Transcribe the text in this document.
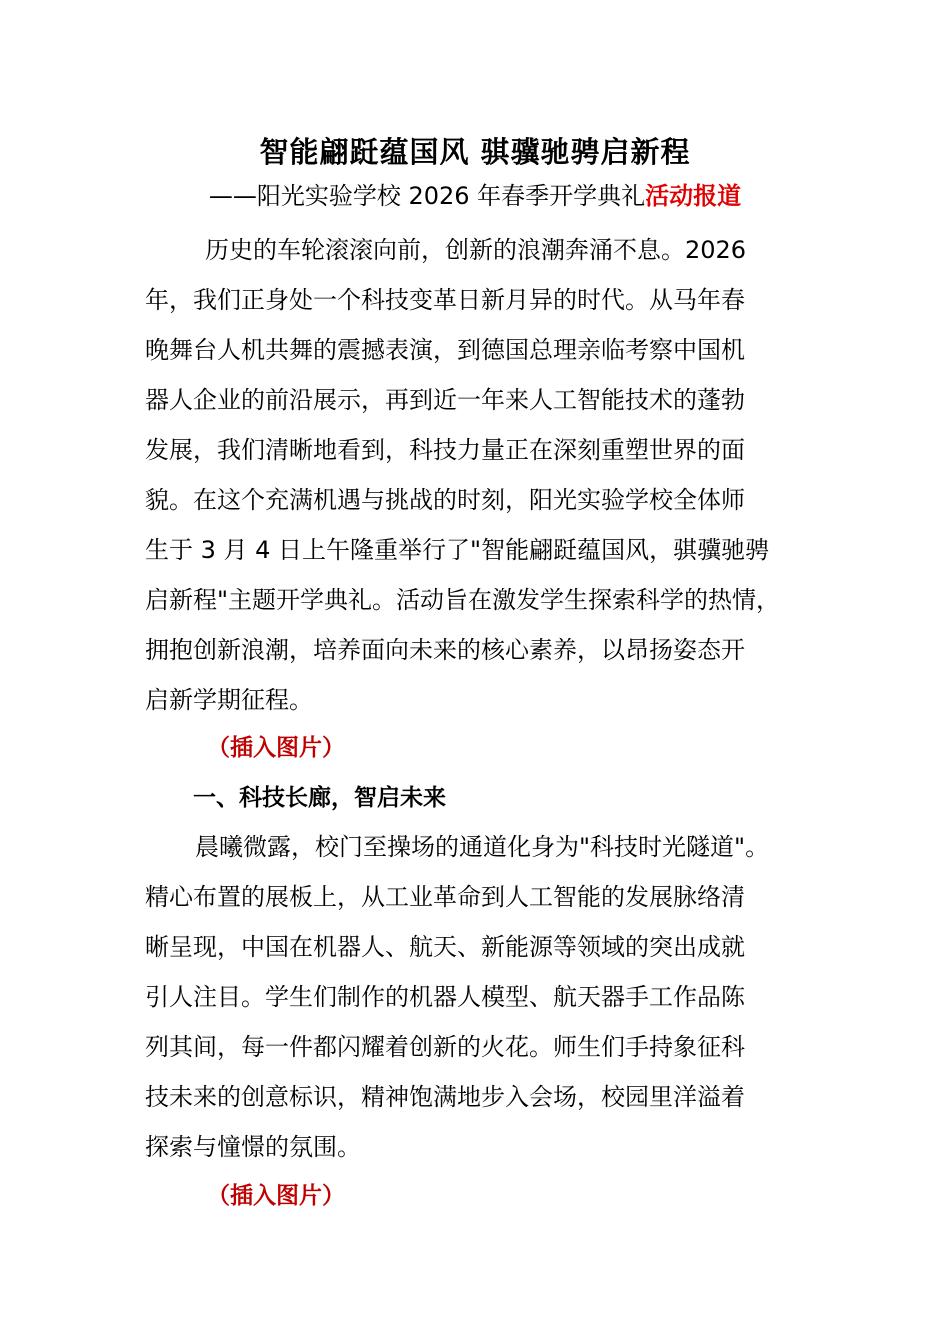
智能翩跹蕴国风 骐骥驰骋启新程
——阳光实验学校 2026 年春季开学典礼活动报道
历史的车轮滚滚向前，创新的浪潮奔涌不息。2026
年，我们正身处一个科技变革日新月异的时代。从马年春
晚舞台人机共舞的震撼表演，到德国总理亲临考察中国机
器人企业的前沿展示，再到近一年来人工智能技术的蓬勃
发展，我们清晰地看到，科技力量正在深刻重塑世界的面
貌。在这个充满机遇与挑战的时刻，阳光实验学校全体师
生于 3 月 4 日上午隆重举行了"智能翩跹蕴国风，骐骥驰骋
启新程"主题开学典礼。活动旨在激发学生探索科学的热情，
拥抱创新浪潮，培养面向未来的核心素养，以昂扬姿态开
启新学期征程。
（插入图片）
一、科技长廊，智启未来
晨曦微露，校门至操场的通道化身为"科技时光隧道"。
精心布置的展板上，从工业革命到人工智能的发展脉络清
晰呈现，中国在机器人、航天、新能源等领域的突出成就
引人注目。学生们制作的机器人模型、航天器手工作品陈
列其间，每一件都闪耀着创新的火花。师生们手持象征科
技未来的创意标识，精神饱满地步入会场，校园里洋溢着
探索与憧憬的氛围。
（插入图片）
